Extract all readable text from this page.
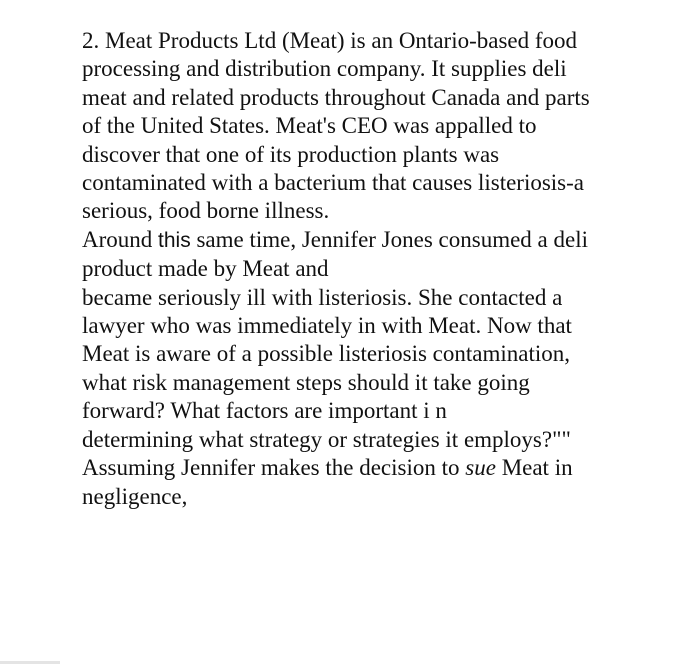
2. Meat Products Ltd (Meat) is an Ontario-based food
processing and distribution company. It supplies deli
meat and related products throughout Canada and parts
of the United States. Meat's CEO was appalled to
discover that one of its production plants was
contaminated with a bacterium that causes listeriosis-a
serious, food borne illness.
Around this same time, Jennifer Jones consumed a deli
product made by Meat and
became seriously ill with listeriosis. She contacted a
lawyer who was immediately in with Meat. Now that
Meat is aware of a possible listeriosis contamination,
what risk management steps should it take going
forward? What factors are important i n
determining what strategy or strategies it employs?""
Assuming Jennifer makes the decision to sue Meat in
negligence,
